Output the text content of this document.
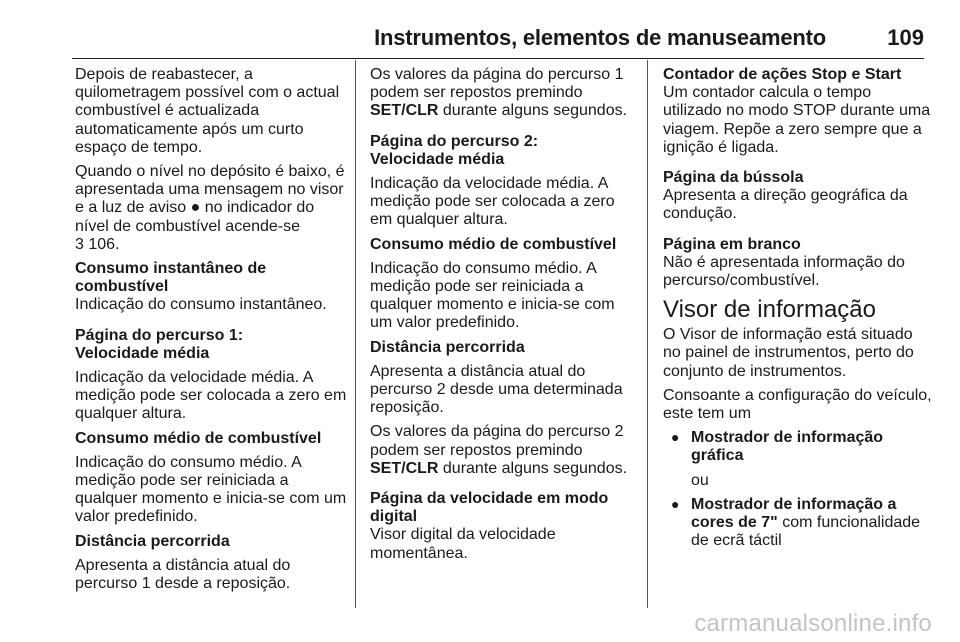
Instrumentos, elementos de manuseamento	109

Depois de reabastecer, a quilometragem possível com o actual combustível é actualizada automaticamente após um curto espaço de tempo.

Quando o nível no depósito é baixo, é apresentada uma mensagem no visor e a luz de aviso ● no indicador do nível de combustível acende-se
3 106.

Consumo instantâneo de combustível

Indicação do consumo instantâneo.

Página do percurso 1:

Velocidade média

Indicação da velocidade média. A medição pode ser colocada a zero em qualquer altura.

Consumo médio de combustível

Indicação do consumo médio. A medição pode ser reiniciada a qualquer momento e inicia-se com um valor predefinido.

Distância percorrida

Apresenta a distância atual do percurso 1 desde a reposição.

Os valores da página do percurso 1 podem ser repostos premindo SET/CLR durante alguns segundos.

Página do percurso 2:

Velocidade média

Indicação da velocidade média. A medição pode ser colocada a zero em qualquer altura.

Consumo médio de combustível

Indicação do consumo médio. A medição pode ser reiniciada a qualquer momento e inicia-se com um valor predefinido.

Distância percorrida

Apresenta a distância atual do percurso 2 desde uma determinada reposição.

Os valores da página do percurso 2 podem ser repostos premindo SET/CLR durante alguns segundos.

Página da velocidade em modo digital

Visor digital da velocidade momentânea.

Contador de ações Stop e Start

Um contador calcula o tempo utilizado no modo STOP durante uma viagem. Repõe a zero sempre que a ignição é ligada.

Página da bússola

Apresenta a direção geográfica da condução.

Página em branco

Não é apresentada informação do percurso/combustível.

Visor de informação

O Visor de informação está situado no painel de instrumentos, perto do conjunto de instrumentos.

Consoante a configuração do veículo, este tem um

● Mostrador de informação gráfica
ou
● Mostrador de informação a cores de 7" com funcionalidade de ecrã táctil
carmanualsonline.info
